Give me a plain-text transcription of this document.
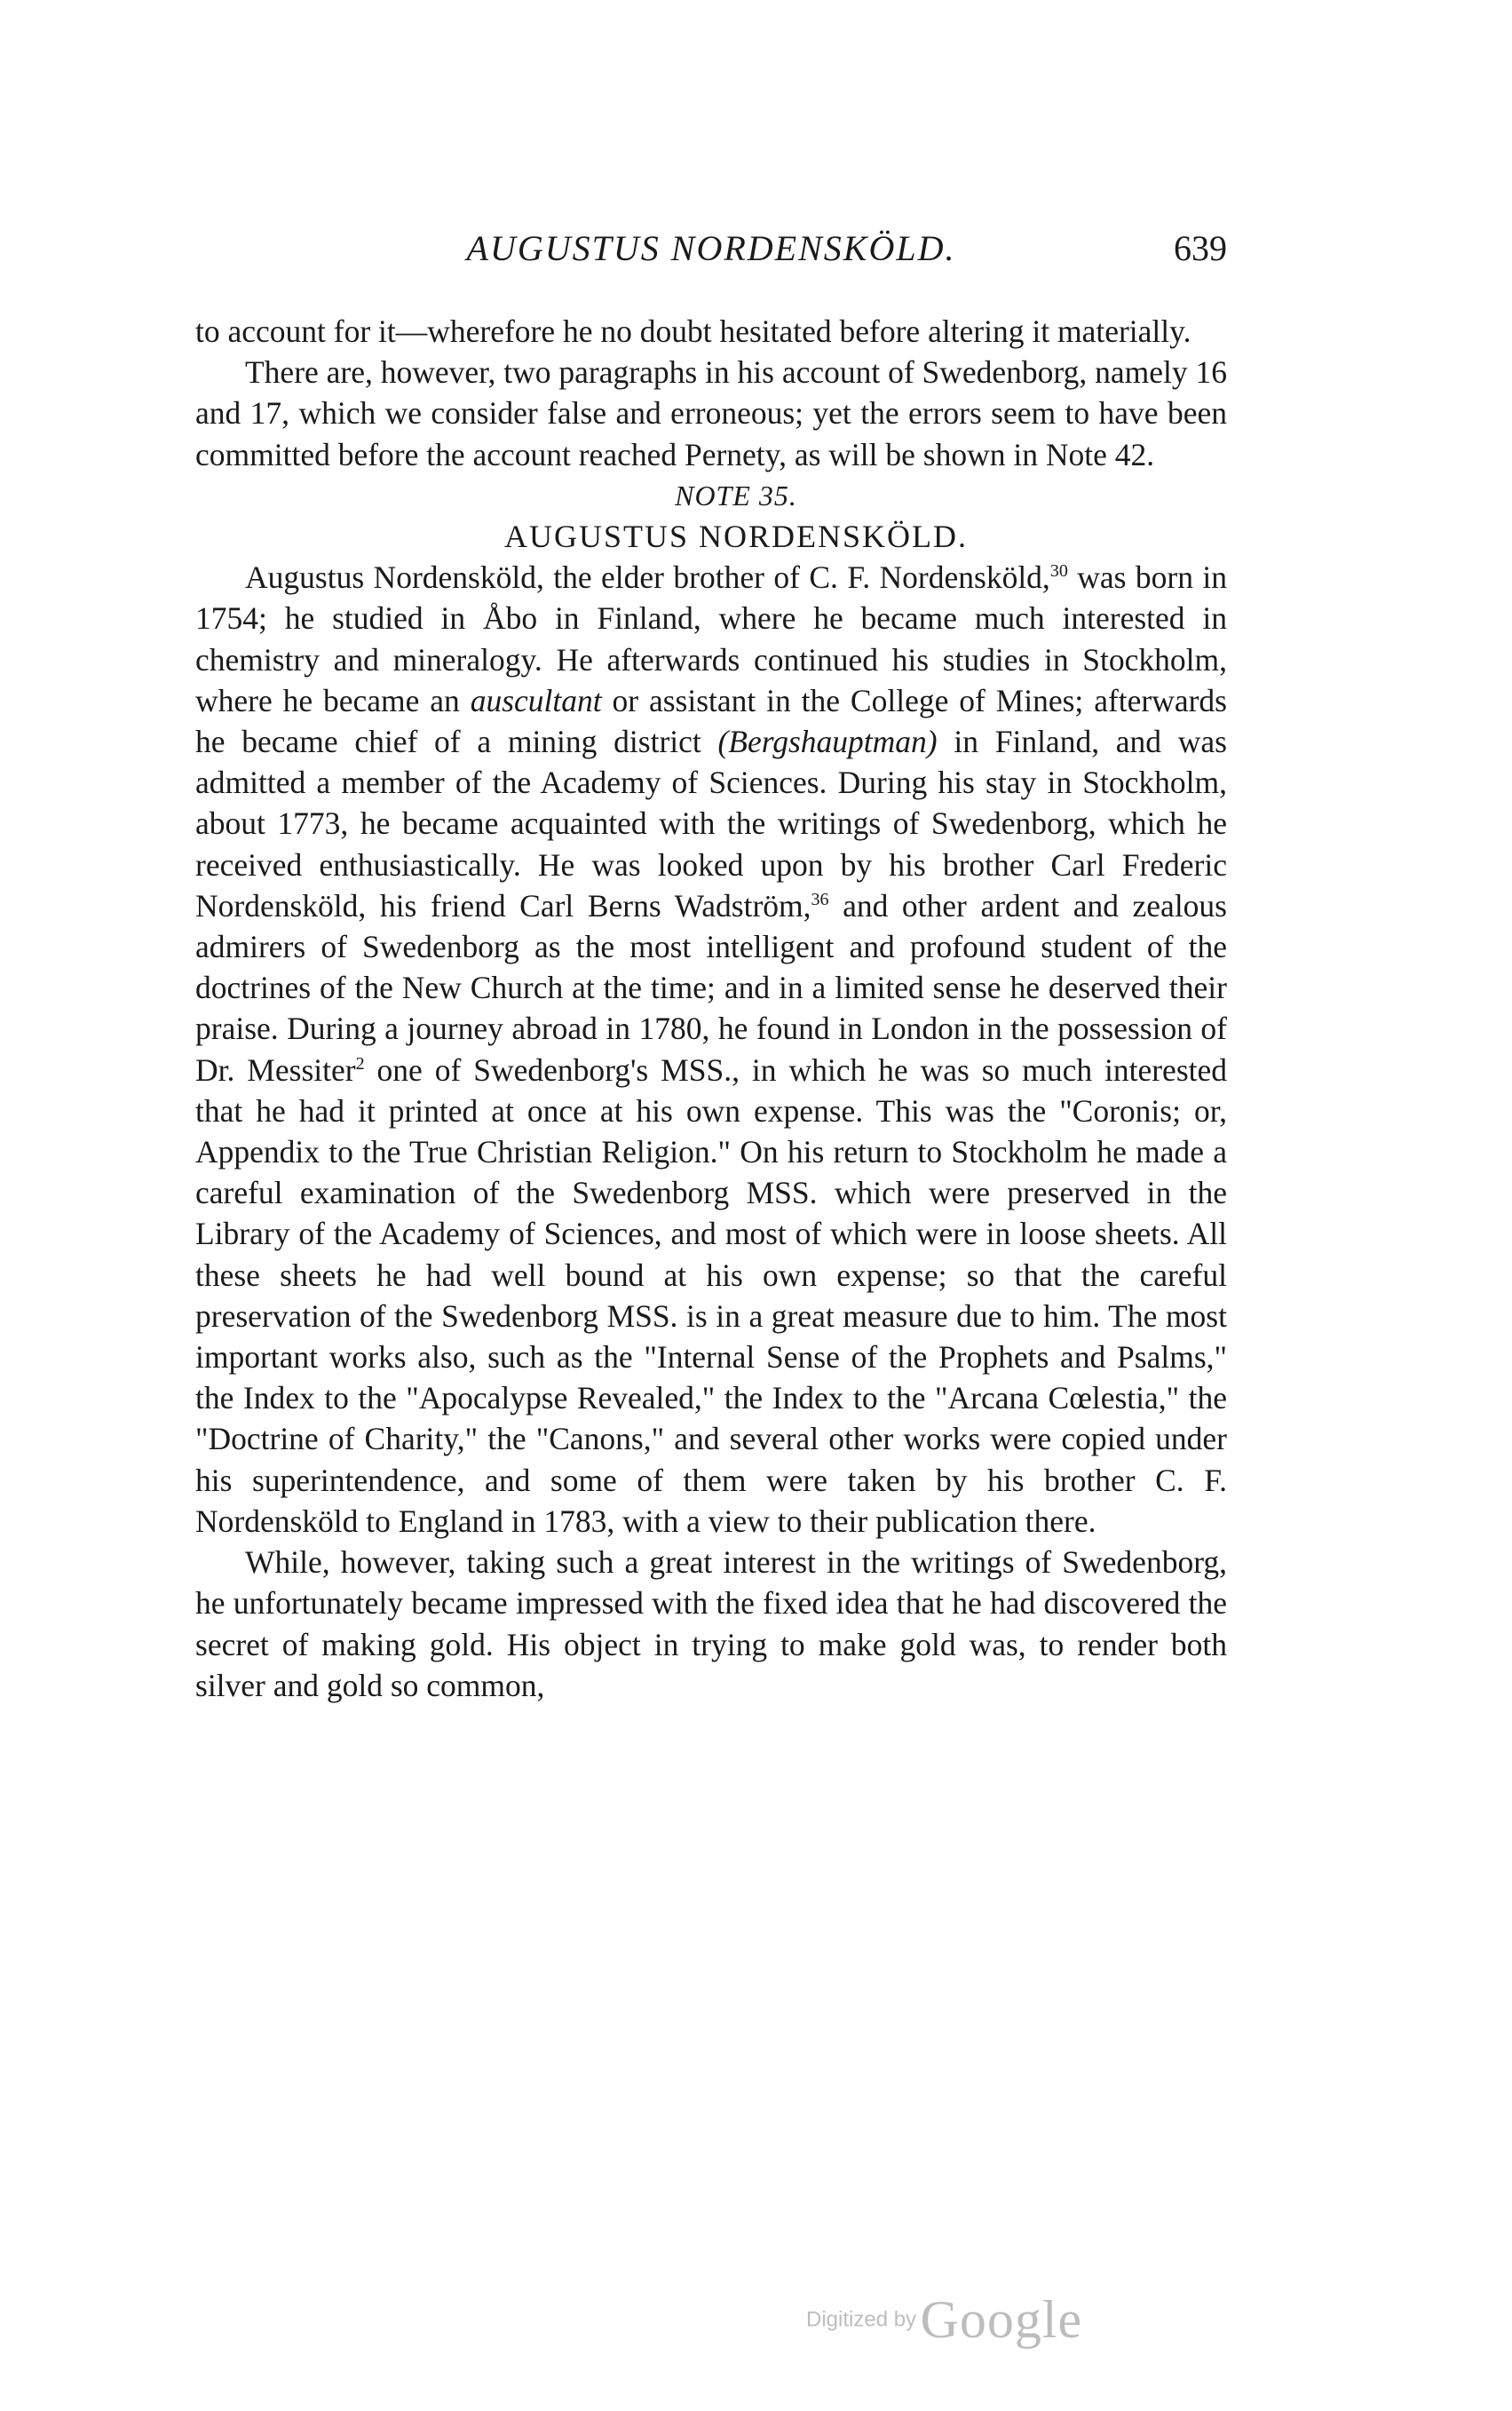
AUGUSTUS NORDENSKÖLD.	639

to account for it—wherefore he no doubt hesitated before altering it materially.

There are, however, two paragraphs in his account of Swedenborg, namely 16 and 17, which we consider false and erroneous; yet the errors seem to have been committed before the account reached Pernety, as will be shown in Note 42.

NOTE 35.

AUGUSTUS NORDENSKÖLD.

Augustus Nordensköld, the elder brother of C. F. Nordensköld,$^{30}$ was born in 1754; he studied in Åbo in Finland, where he became much interested in chemistry and mineralogy. He afterwards continued his studies in Stockholm, where he became an auscultant or assistant in the College of Mines; afterwards he became chief of a mining district (Bergshauptman) in Finland, and was admitted a member of the Academy of Sciences. During his stay in Stockholm, about 1773, he became acquainted with the writings of Swedenborg, which he received enthusiastically. He was looked upon by his brother Carl Frederic Nordensköld, his friend Carl Berns Wadström,$^{36}$ and other ardent and zealous admirers of Swedenborg as the most intelligent and profound student of the doctrines of the New Church at the time; and in a limited sense he deserved their praise. During a journey abroad in 1780, he found in London in the possession of Dr. Messiter$^2$ one of Swedenborg's MSS., in which he was so much interested that he had it printed at once at his own expense. This was the "Coronis; or, Appendix to the True Christian Religion." On his return to Stockholm he made a careful examination of the Swedenborg MSS. which were preserved in the Library of the Academy of Sciences, and most of which were in loose sheets. All these sheets he had well bound at his own expense; so that the careful preservation of the Swedenborg MSS. is in a great measure due to him. The most important works also, such as the "Internal Sense of the Prophets and Psalms," the Index to the "Apocalypse Revealed," the Index to the "Arcana Cœlestia," the "Doctrine of Charity," the "Canons," and several other works were copied under his superintendence, and some of them were taken by his brother C. F. Nordensköld to England in 1783, with a view to their publication there.

While, however, taking such a great interest in the writings of Swedenborg, he unfortunately became impressed with the fixed idea that he had discovered the secret of making gold. His object in trying to make gold was, to render both silver and gold so common,

Digitized by Google
